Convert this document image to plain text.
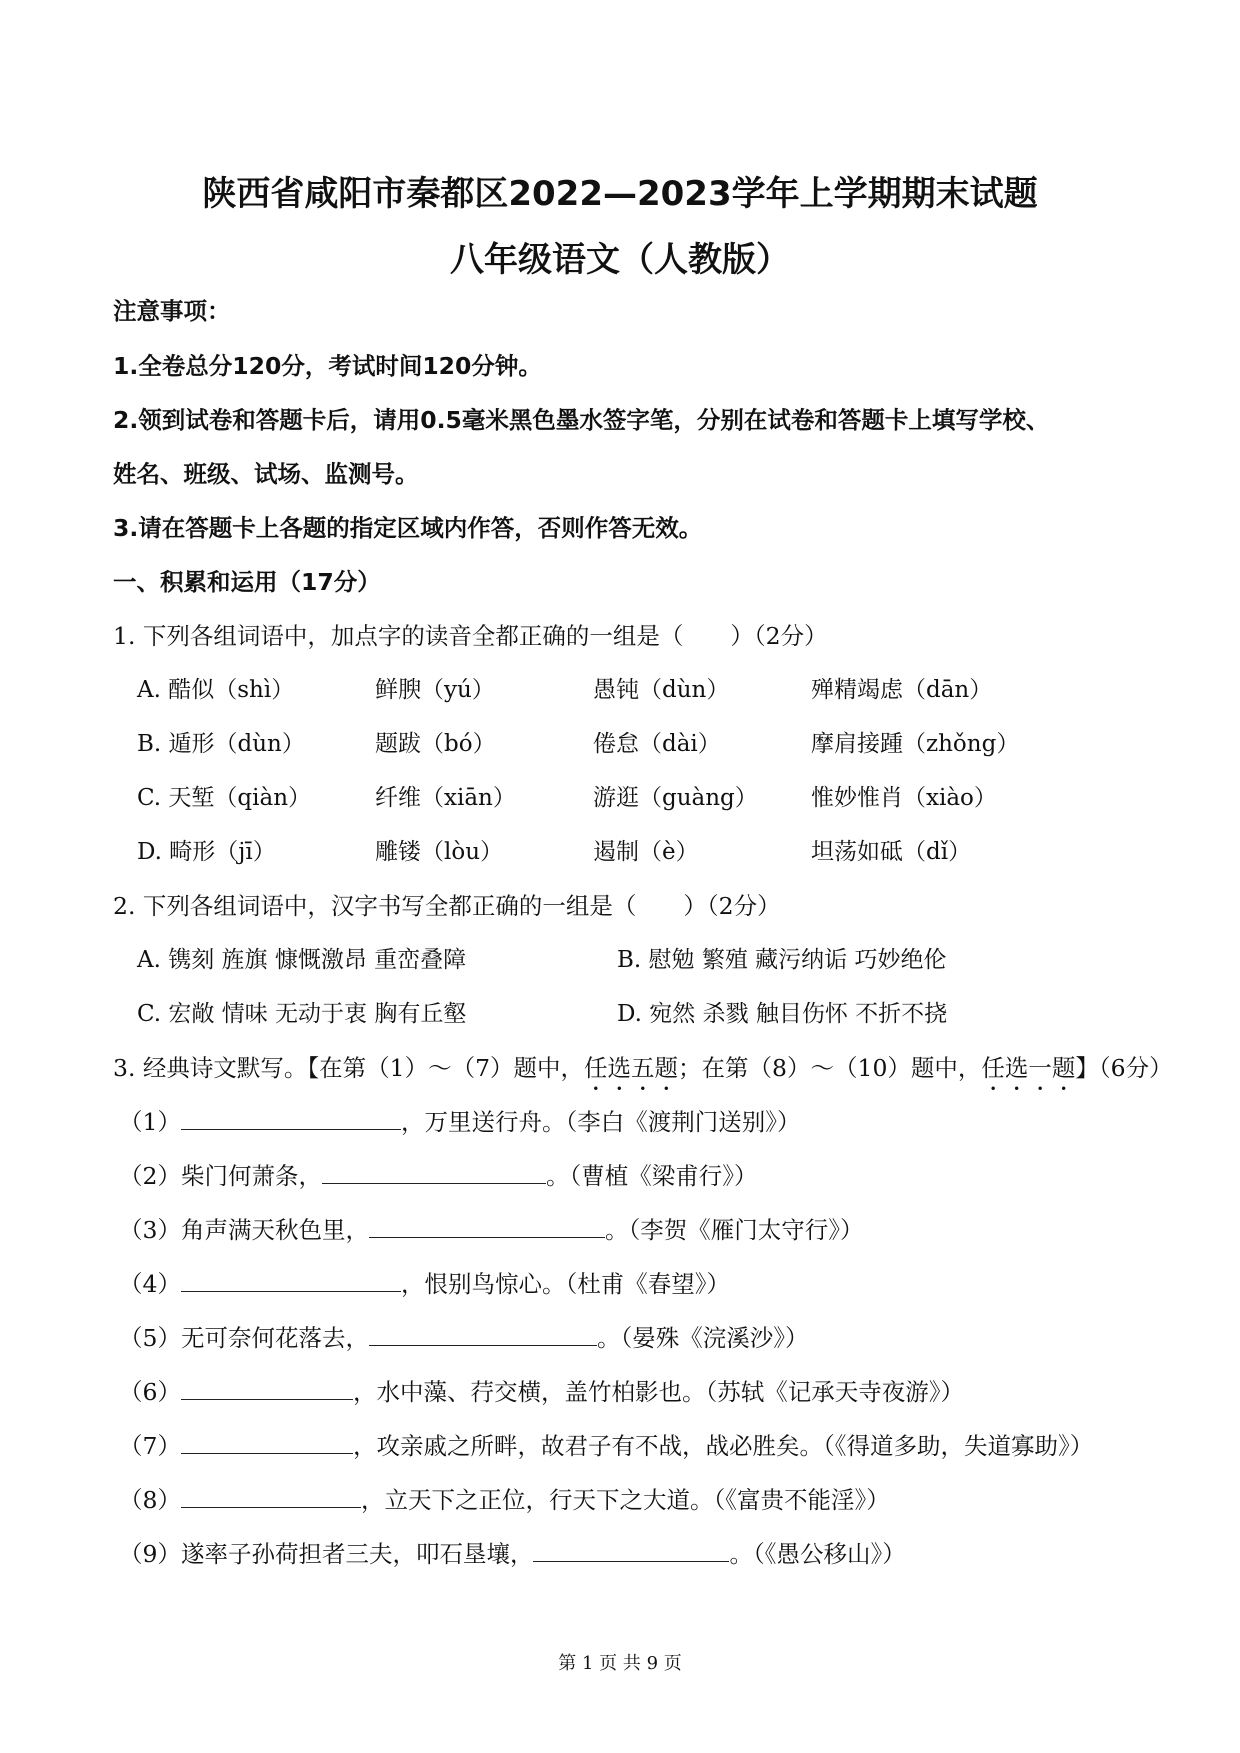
陕西省咸阳市秦都区2022—2023学年上学期期末试题
八年级语文（人教版）
注意事项：
1.全卷总分120分，考试时间120分钟。
2.领到试卷和答题卡后，请用0.5毫米黑色墨水签字笔，分别在试卷和答题卡上填写学校、
姓名、班级、试场、监测号。
3.请在答题卡上各题的指定区域内作答，否则作答无效。
一、积累和运用（17分）
1. 下列各组词语中，加点字的读音全都正确的一组是（　　）（2分）
A. 酷似（shì）	鲜腴（yú）	愚钝（dùn）	殚精竭虑（dān）
B. 遁形（dùn）	题跋（bó）	倦怠（dài）	摩肩接踵（zhǒng）
C. 天堑（qiàn）	纤维（xiān）	游逛（guàng） 惟妙惟肖（xiào）
D. 畸形（jī）	雕镂（lòu）	遏制（è）	坦荡如砥（dǐ）
2. 下列各组词语中，汉字书写全都正确的一组是（　　）（2分）
A. 镌刻 旌旗 慷慨激昂 重峦叠障	B. 慰勉 繁殖 藏污纳诟 巧妙绝伦
C. 宏敞 情味 无动于衷 胸有丘壑	D. 宛然 杀戮 触目伤怀 不折不挠
3. 经典诗文默写。【在第（1）～（7）题中，任选五题；在第（8）～（10）题中，任选一题】（6分）
（1）	，万里送行舟。（李白《渡荆门送别》）
（2）柴门何萧条，	。（曹植《梁甫行》）
（3）角声满天秋色里，	。（李贺《雁门太守行》）
（4）	，恨别鸟惊心。（杜甫《春望》）
（5）无可奈何花落去，	。（晏殊《浣溪沙》）
（6）	，水中藻、荇交横，盖竹柏影也。（苏轼《记承天寺夜游》）
（7）	，攻亲戚之所畔，故君子有不战，战必胜矣。（《得道多助，失道寡助》）
（8）	，立天下之正位，行天下之大道。（《富贵不能淫》）
（9）遂率子孙荷担者三夫，叩石垦壤，	。（《愚公移山》）
第 1 页 共 9 页
